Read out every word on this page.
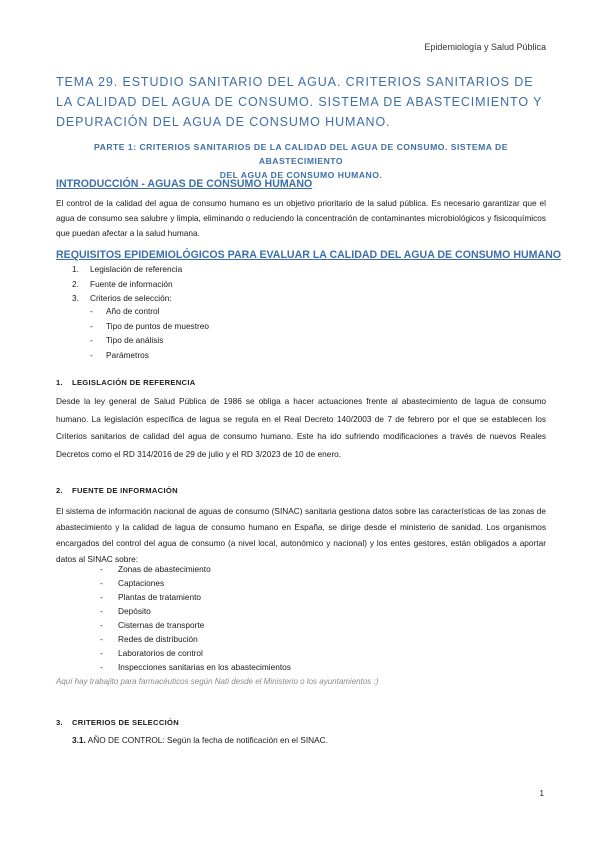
Epidemiología y Salud Pública
TEMA 29. ESTUDIO SANITARIO DEL AGUA. CRITERIOS SANITARIOS DE LA CALIDAD DEL AGUA DE CONSUMO. SISTEMA DE ABASTECIMIENTO Y DEPURACIÓN DEL AGUA DE CONSUMO HUMANO.
PARTE 1: CRITERIOS SANITARIOS DE LA CALIDAD DEL AGUA DE CONSUMO. SISTEMA DE ABASTECIMIENTO
DEL AGUA DE CONSUMO HUMANO.
INTRODUCCIÓN - AGUAS DE CONSUMO HUMANO
El control de la calidad del agua de consumo humano es un objetivo prioritario de la salud pública. Es necesario garantizar que el agua de consumo sea salubre y limpia, eliminando o reduciendo la concentración de contaminantes microbiológicos y fisicoquímicos que puedan afectar a la salud humana.
REQUISITOS EPIDEMIOLÓGICOS PARA EVALUAR LA CALIDAD DEL AGUA DE CONSUMO HUMANO
1.	Legislación de referencia
2.	Fuente de información
3.	Criterios de selección:
-	Año de control
-	Tipo de puntos de muestreo
-	Tipo de análisis
-	Parámetros
1. LEGISLACIÓN DE REFERENCIA
Desde la ley general de Salud Pública de 1986 se obliga a hacer actuaciones frente al abastecimiento de lagua de consumo humano. La legislación específica de lagua se regula en el Real Decreto 140/2003 de 7 de febrero por el que se establecen los Criterios sanitarios de calidad del agua de consumo humano. Este ha ido sufriendo modificaciones a través de nuevos Reales Decretos como el RD 314/2016 de 29 de julio y el RD 3/2023 de 10 de enero.
2. FUENTE DE INFORMACIÓN
El sistema de información nacional de aguas de consumo (SINAC) sanitaria gestiona datos sobre las características de las zonas de abastecimiento y la calidad de lagua de consumo humano en España, se dirige desde el ministerio de sanidad. Los organismos encargados del control del agua de consumo (a nivel local, autonómico y nacional) y los entes gestores, están obligados a aportar datos al SINAC sobre:
-	Zonas de abastecimiento
-	Captaciones
-	Plantas de tratamiento
-	Depósito
-	Cisternas de transporte
-	Redes de distribución
-	Laboratorios de control
-	Inspecciones sanitarias en los abastecimientos
Aquí hay trabajito para farmacéuticos según Nati desde el Ministerio o los ayuntamientos :)
3. CRITERIOS DE SELECCIÓN
3.1. AÑO DE CONTROL: Según la fecha de notificación en el SINAC.
1
